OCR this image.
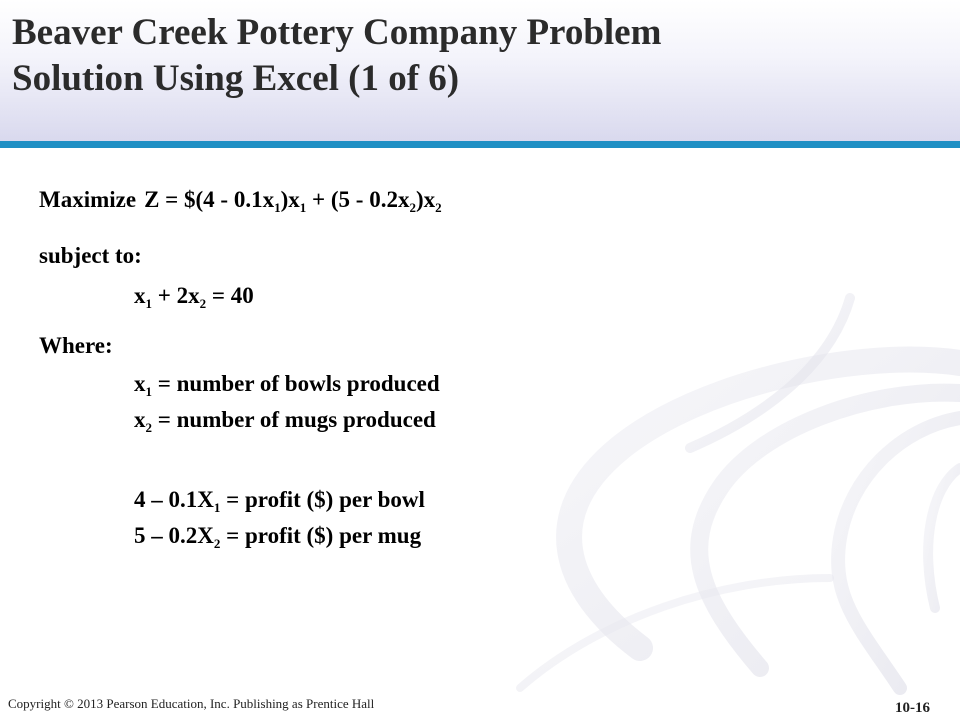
Beaver Creek Pottery Company Problem
Solution Using Excel (1 of 6)
Maximize Z = $(4 - $0.1x_1)x_1 + (5 - 0.2x_2)x_2$
subject to:
$x_1 + 2x_2 = 40$
Where:
$x_1$ = number of bowls produced
$x_2$ = number of mugs produced
$4 - 0.1X_1$ = profit ($) per bowl
$5 - 0.2X_2$ = profit ($) per mug
Copyright © 2013 Pearson Education, Inc. Publishing as Prentice Hall	10-16
